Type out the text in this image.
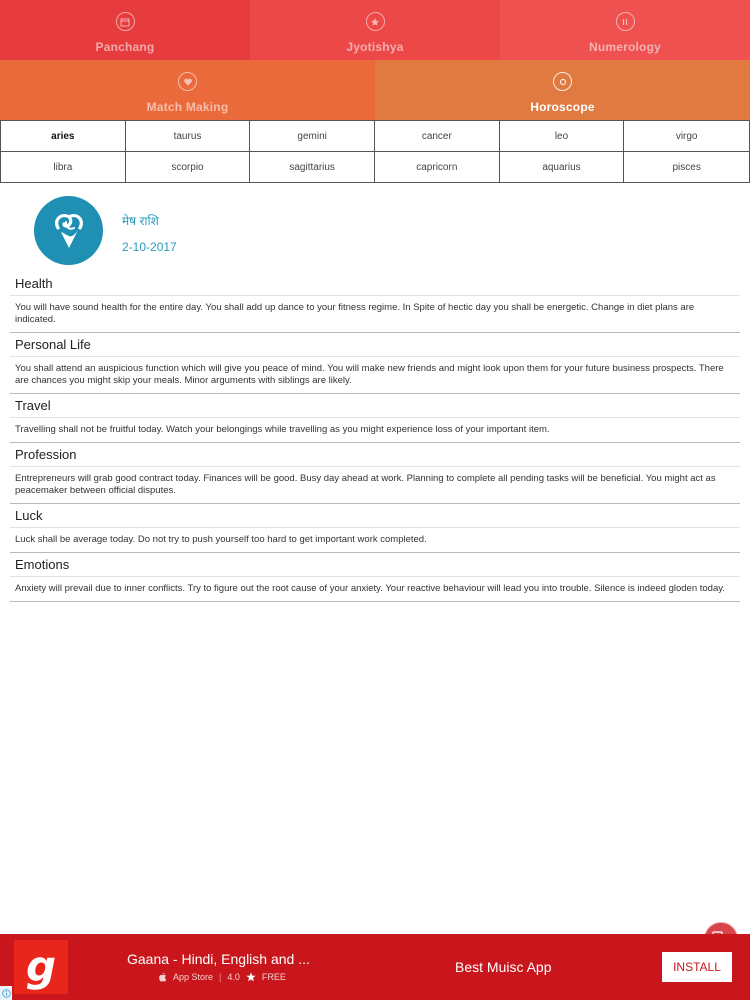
Panchang	Jyotishya	Numerology
Match Making	Horoscope
aries	taurus	gemini	cancer	leo	virgo
libra	scorpio	sagittarius	capricorn	aquarius	pisces
मेष राशि
2-10-2017
Health
You will have sound health for the entire day. You shall add up dance to your fitness regime. In Spite of hectic day you shall be energetic. Change in diet plans are indicated.
Personal Life
You shall attend an auspicious function which will give you peace of mind. You will make new friends and might look upon them for your future business prospects. There are chances you might skip your meals. Minor arguments with siblings are likely.
Travel
Travelling shall not be fruitful today. Watch your belongings while travelling as you might experience loss of your important item.
Profession
Entrepreneurs will grab good contract today. Finances will be good. Busy day ahead at work. Planning to complete all pending tasks will be beneficial. You might act as peacemaker between official disputes.
Luck
Luck shall be average today. Do not try to push yourself too hard to get important work completed.
Emotions
Anxiety will prevail due to inner conflicts. Try to figure out the root cause of your anxiety. Your reactive behaviour will lead you into trouble. Silence is indeed gloden today.
g	Gaana - Hindi, English and ...
App Store | 4.0 FREE
Best Muisc App	INSTALL
